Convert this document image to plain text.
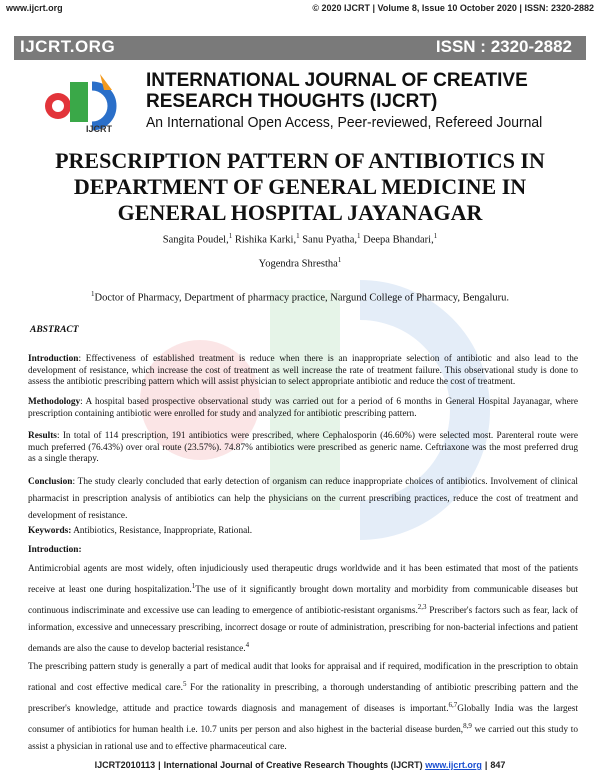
www.ijcrt.org	© 2020 IJCRT | Volume 8, Issue 10 October 2020 | ISSN: 2320-2882
IJCRT.ORG	ISSN : 2320-2882
IJCRT
INTERNATIONAL JOURNAL OF CREATIVE
RESEARCH THOUGHTS (IJCRT)
An International Open Access, Peer-reviewed, Refereed Journal
PRESCRIPTION PATTERN OF ANTIBIOTICS IN
DEPARTMENT OF GENERAL MEDICINE IN
GENERAL HOSPITAL JAYANAGAR
Sangita Poudel,$^1$ Rishika Karki,$^1$ Sanu Pyatha,$^1$ Deepa Bhandari,$^1$
Yogendra Shrestha$^1$
$^1$Doctor of Pharmacy, Department of pharmacy practice, Nargund College of Pharmacy, Bengaluru.
ABSTRACT
Introduction: Effectiveness of established treatment is reduce when there is an inappropriate selection of antibiotic and also lead to the development of resistance, which increase the cost of treatment as well increase the rate of treatment failure. This observational study is done to assess the antibiotic prescribing pattern which will assist physician to select appropriate antibiotic and reduce the cost of treatment.
Methodology: A hospital based prospective observational study was carried out for a period of 6 months in General Hospital Jayanagar, where prescription containing antibiotic were enrolled for study and analyzed for antibiotic prescribing pattern.
Results: In total of 114 prescription, 191 antibiotics were prescribed, where Cephalosporin (46.60%) were selected most. Parenteral route were much preferred (76.43%) over oral route (23.57%). 74.87% antibiotics were prescribed as generic name. Ceftriaxone was the most preferred drug as a single therapy.
Conclusion: The study clearly concluded that early detection of organism can reduce inappropriate choices of antibiotics. Involvement of clinical pharmacist in prescription analysis of antibiotics can help the physicians on the current prescribing practices, reduce the cost of treatment and development of resistance.
Keywords: Antibiotics, Resistance, Inappropriate, Rational.
Introduction:
Antimicrobial agents are most widely, often injudiciously used therapeutic drugs worldwide and it has been estimated that most of the patients receive at least one during hospitalization.$^1$The use of it significantly brought down mortality and morbidity from communicable diseases but continuous indiscriminate and excessive use can leading to emergence of antibiotic-resistant organisms.$^{2,3}$ Prescriber's factors such as fear, lack of information, excessive and unnecessary prescribing, incorrect dosage or route of administration, prescribing for non-bacterial infections and patient demands are also the cause to develop bacterial resistance.$^4$
The prescribing pattern study is generally a part of medical audit that looks for appraisal and if required, modification in the prescription to obtain rational and cost effective medical care.$^5$ For the rationality in prescribing, a thorough understanding of antibiotic prescribing pattern and the prescriber's knowledge, attitude and practice towards diagnosis and management of diseases is important.$^{6,7}$Globally India was the largest consumer of antibiotics for human health i.e. 10.7 units per person and also highest in the bacterial disease burden,$^{8,9}$ we carried out this study to assist a physician in rational use and to effective pharmaceutical care.
IJCRT2010113 | International Journal of Creative Research Thoughts (IJCRT) www.ijcrt.org | 847
